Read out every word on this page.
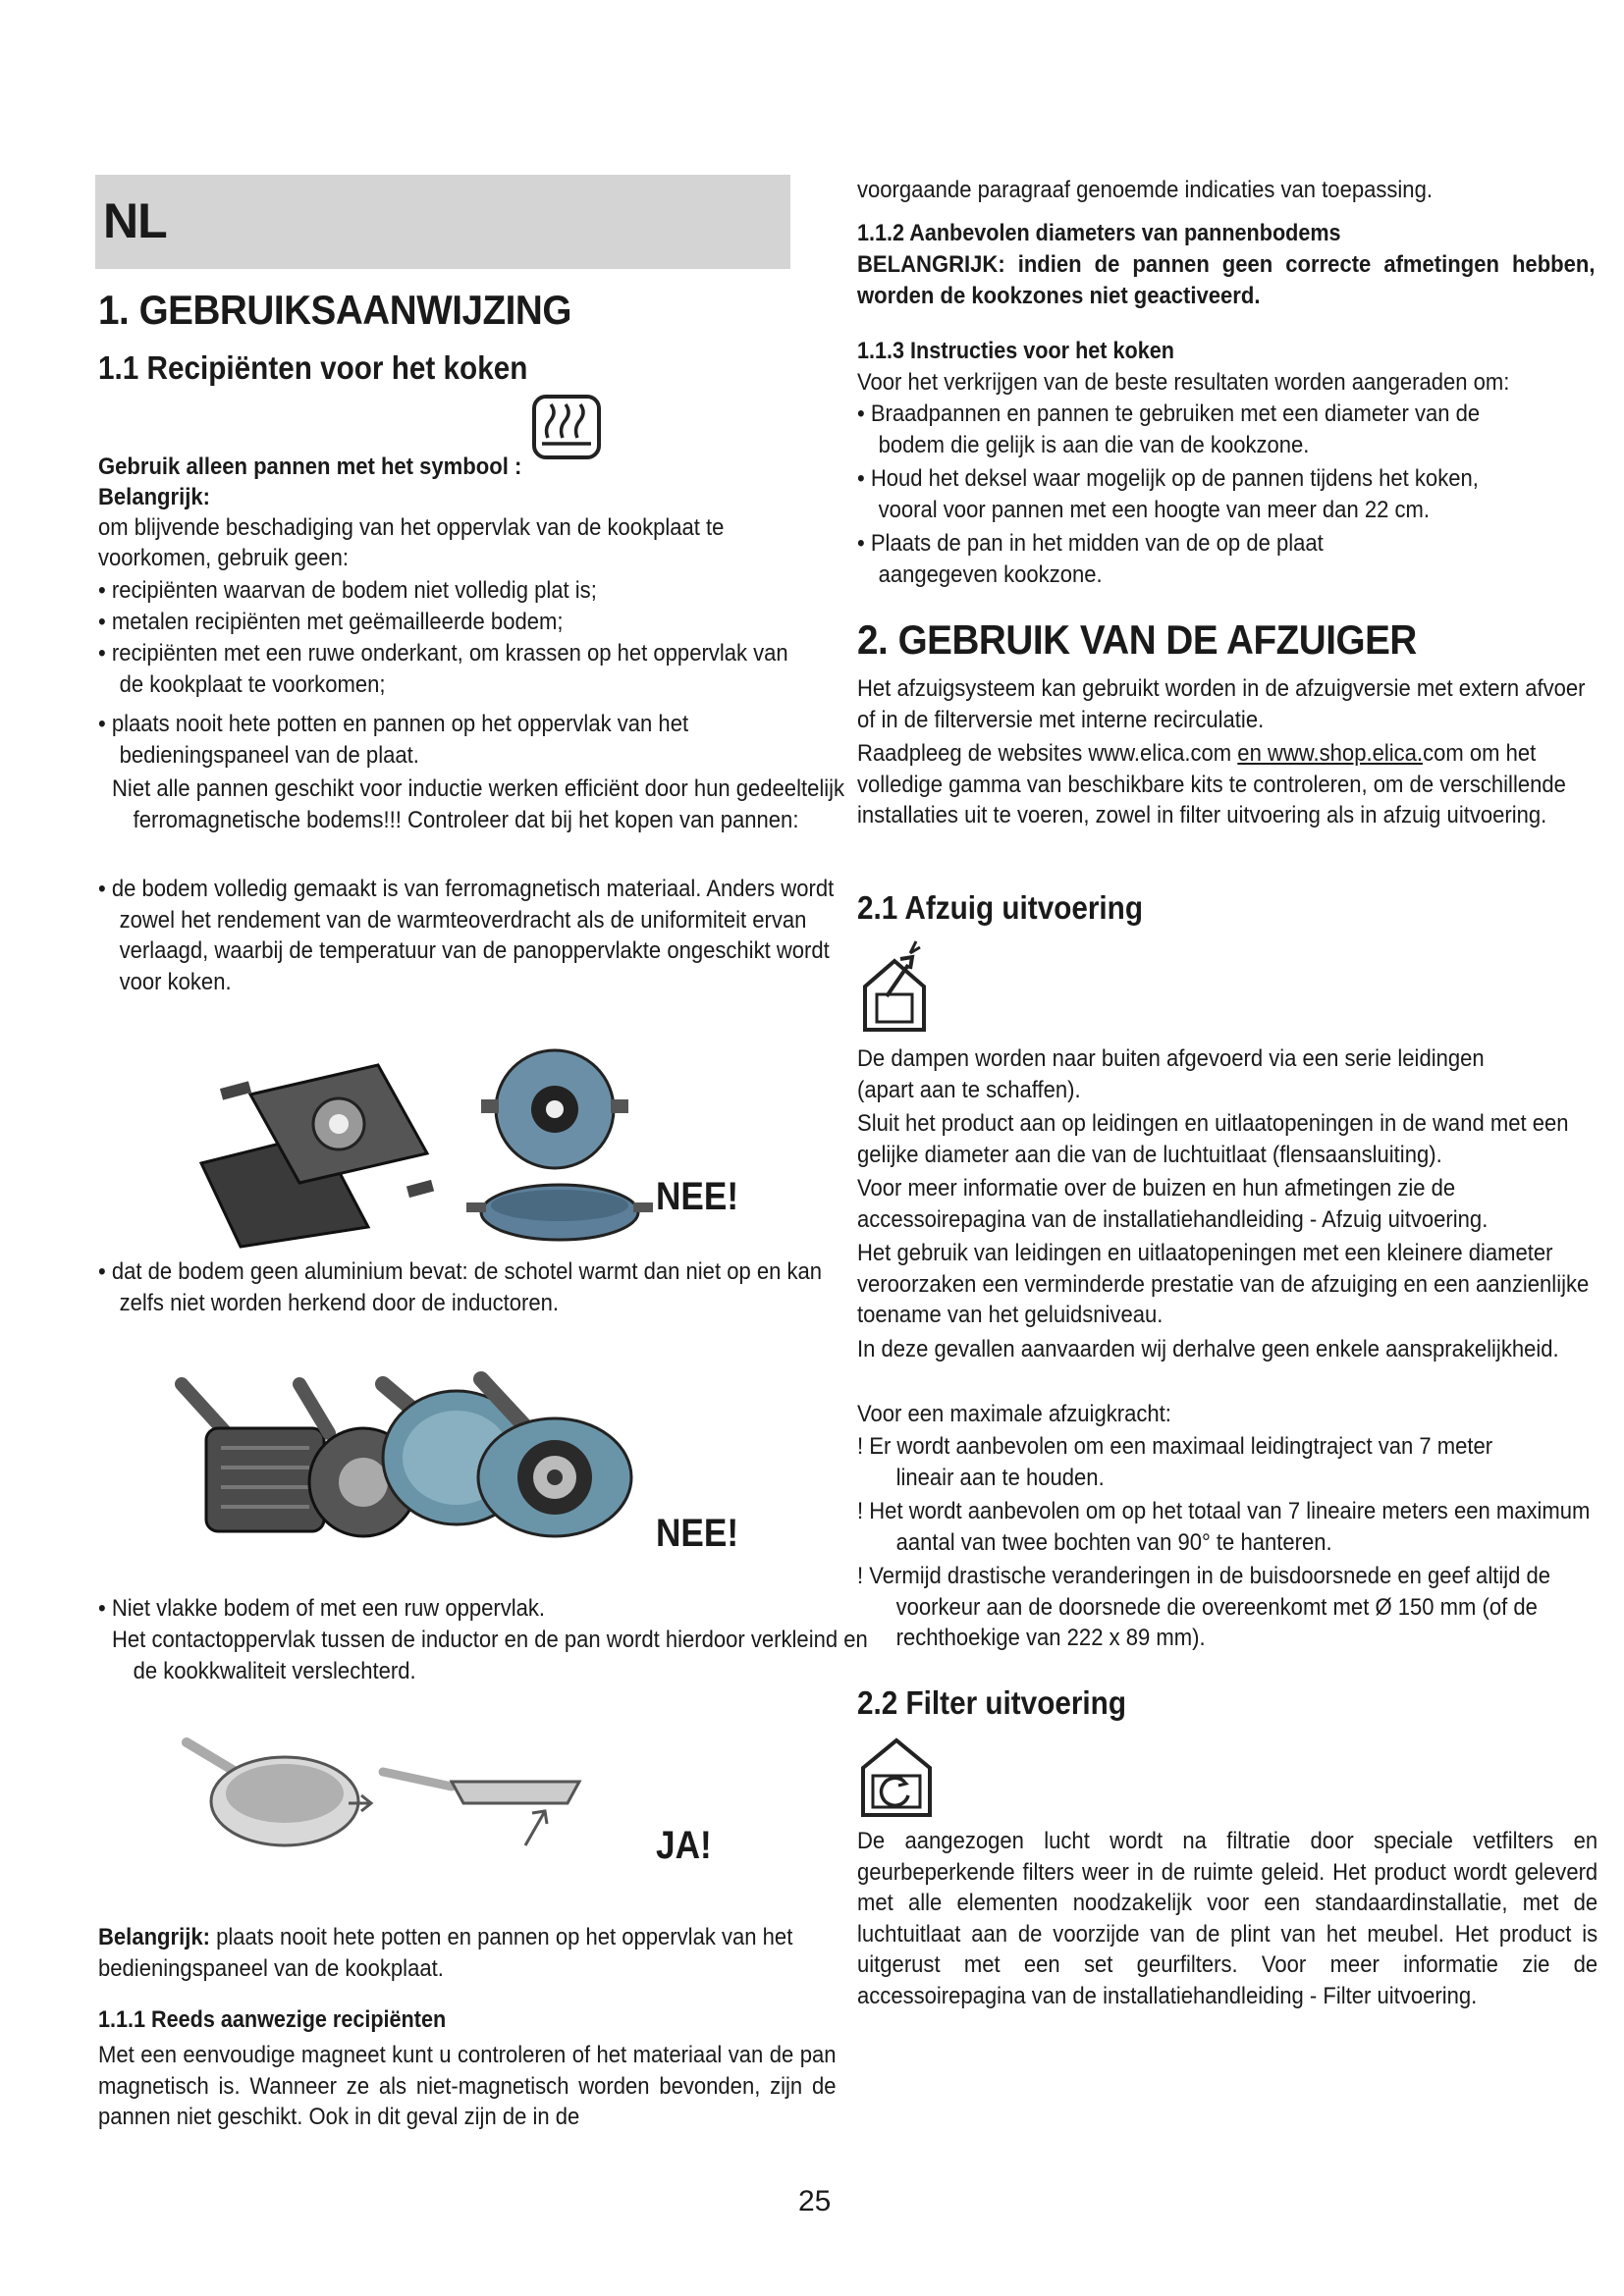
NL
1. GEBRUIKSAANWIJZING
1.1 Recipiënten voor het koken
Gebruik alleen pannen met het symbool :
Belangrijk:
om blijvende beschadiging van het oppervlak van de kookplaat te
voorkomen, gebruik geen:
• recipiënten waarvan de bodem niet volledig plat is;
• metalen recipiënten met geëmailleerde bodem;
• recipiënten met een ruwe onderkant, om krassen op het oppervlak van de kookplaat te voorkomen;
• plaats nooit hete potten en pannen op het oppervlak van het bedieningspaneel van de plaat.
Niet alle pannen geschikt voor inductie werken efficiënt door hun gedeeltelijk ferromagnetische bodems!!! Controleer dat bij het kopen van pannen:
• de bodem volledig gemaakt is van ferromagnetisch materiaal. Anders wordt zowel het rendement van de warmteoverdracht als de uniformiteit ervan verlaagd, waarbij de temperatuur van de panoppervlakte ongeschikt wordt voor koken.
NEE!
• dat de bodem geen aluminium bevat: de schotel warmt dan niet op en kan zelfs niet worden herkend door de inductoren.
NEE!
• Niet vlakke bodem of met een ruw oppervlak.
Het contactoppervlak tussen de inductor en de pan wordt hierdoor verkleind en de kookkwaliteit verslechterd.
JA!
Belangrijk: plaats nooit hete potten en pannen op het oppervlak van het bedieningspaneel van de kookplaat.
1.1.1 Reeds aanwezige recipiënten
Met een eenvoudige magneet kunt u controleren of het materiaal van de pan magnetisch is. Wanneer ze als niet-magnetisch worden bevonden, zijn de pannen niet geschikt. Ook in dit geval zijn de in de
voorgaande paragraaf genoemde indicaties van toepassing.
1.1.2 Aanbevolen diameters van pannenbodems
BELANGRIJK: indien de pannen geen correcte afmetingen hebben, worden de kookzones niet geactiveerd.
1.1.3 Instructies voor het koken
Voor het verkrijgen van de beste resultaten worden aangeraden om:
• Braadpannen en pannen te gebruiken met een diameter van de bodem die gelijk is aan die van de kookzone.
• Houd het deksel waar mogelijk op de pannen tijdens het koken, vooral voor pannen met een hoogte van meer dan 22 cm.
• Plaats de pan in het midden van de op de plaat aangegeven kookzone.
2. GEBRUIK VAN DE AFZUIGER
Het afzuigsysteem kan gebruikt worden in de afzuigversie met extern afvoer of in de filterversie met interne recirculatie.
Raadpleeg de websites www.elica.com en www.shop.elica.com om het volledige gamma van beschikbare kits te controleren, om de verschillende installaties uit te voeren, zowel in filter uitvoering als in afzuig uitvoering.
2.1 Afzuig uitvoering
De dampen worden naar buiten afgevoerd via een serie leidingen (apart aan te schaffen).
Sluit het product aan op leidingen en uitlaatopeningen in de wand met een gelijke diameter aan die van de luchtuitlaat (flensaansluiting).
Voor meer informatie over de buizen en hun afmetingen zie de accessoirepagina van de installatiehandleiding - Afzuig uitvoering.
Het gebruik van leidingen en uitlaatopeningen met een kleinere diameter veroorzaken een verminderde prestatie van de afzuiging en een aanzienlijke toename van het geluidsniveau.
In deze gevallen aanvaarden wij derhalve geen enkele aansprakelijkheid.
Voor een maximale afzuigkracht:
! Er wordt aanbevolen om een maximaal leidingtraject van 7 meter lineair aan te houden.
! Het wordt aanbevolen om op het totaal van 7 lineaire meters een maximum aantal van twee bochten van 90° te hanteren.
! Vermijd drastische veranderingen in de buisdoorsnede en geef altijd de voorkeur aan de doorsnede die overeenkomt met Ø 150 mm (of de rechthoekige van 222 x 89 mm).
2.2 Filter uitvoering
De aangezogen lucht wordt na filtratie door speciale vetfilters en geurbeperkende filters weer in de ruimte geleid. Het product wordt geleverd met alle elementen noodzakelijk voor een standaardinstallatie, met de luchtuitlaat aan de voorzijde van de plint van het meubel. Het product is uitgerust met een set geurfilters. Voor meer informatie zie de accessoirepagina van de installatiehandleiding - Filter uitvoering.
25
